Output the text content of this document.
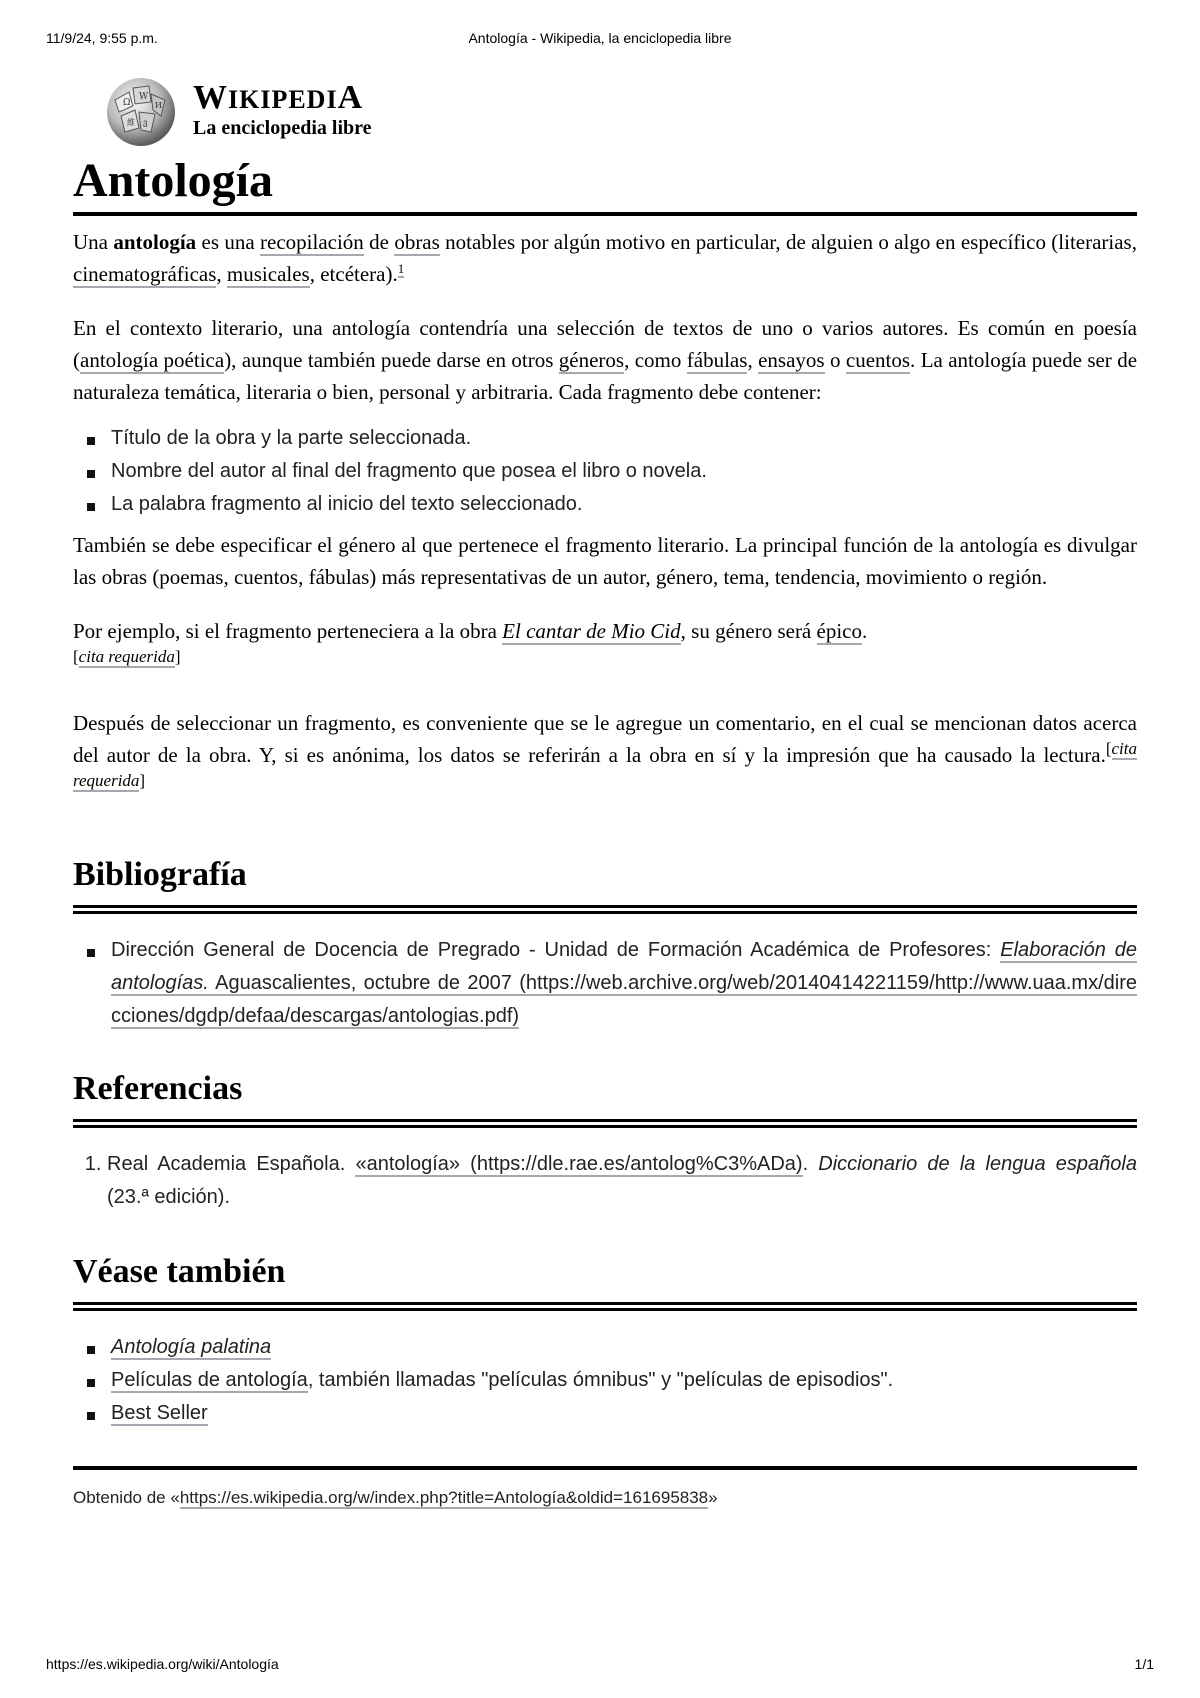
11/9/24, 9:55 p.m.	Antología - Wikipedia, la enciclopedia libre
Ω
W
И
維 ვ
WIKIPEDIA
La enciclopedia libre
Antología

Una antología es una recopilación de obras notables por algún motivo en particular, de alguien o algo en específico (literarias, cinematográficas, musicales, etcétera).$^1$

En el contexto literario, una antología contendría una selección de textos de uno o varios autores. Es común en poesía (antología poética), aunque también puede darse en otros géneros, como fábulas, ensayos o cuentos. La antología puede ser de naturaleza temática, literaria o bien, personal y arbitraria. Cada fragmento debe contener:

Título de la obra y la parte seleccionada.
Nombre del autor al final del fragmento que posea el libro o novela.
La palabra fragmento al inicio del texto seleccionado.

También se debe especificar el género al que pertenece el fragmento literario. La principal función de la antología es divulgar las obras (poemas, cuentos, fábulas) más representativas de un autor, género, tema, tendencia, movimiento o región.

Por ejemplo, si el fragmento perteneciera a la obra El cantar de Mio Cid, su género será épico.
[cita requerida]

Después de seleccionar un fragmento, es conveniente que se le agregue un comentario, en el cual se mencionan datos acerca del autor de la obra. Y, si es anónima, los datos se referirán a la obra en sí y la impresión que ha causado la lectura.[cita requerida]

Bibliografía
Dirección General de Docencia de Pregrado - Unidad de Formación Académica de Profesores: Elaboración de antologías. Aguascalientes, octubre de 2007 (https://web.archive.org/web/20140414221159/http://www.uaa.mx/direcciones/dgdp/defaa/descargas/antologias.pdf)
Referencias
1. Real Academia Española. «antología» (https://dle.rae.es/antolog%C3%ADa). Diccionario de la lengua española (23.ª edición).
Véase también
Antología palatina
Películas de antología, también llamadas "películas ómnibus" y "películas de episodios".
Best Seller
Obtenido de «https://es.wikipedia.org/w/index.php?title=Antología&oldid=161695838»
https://es.wikipedia.org/wiki/Antología	1/1
